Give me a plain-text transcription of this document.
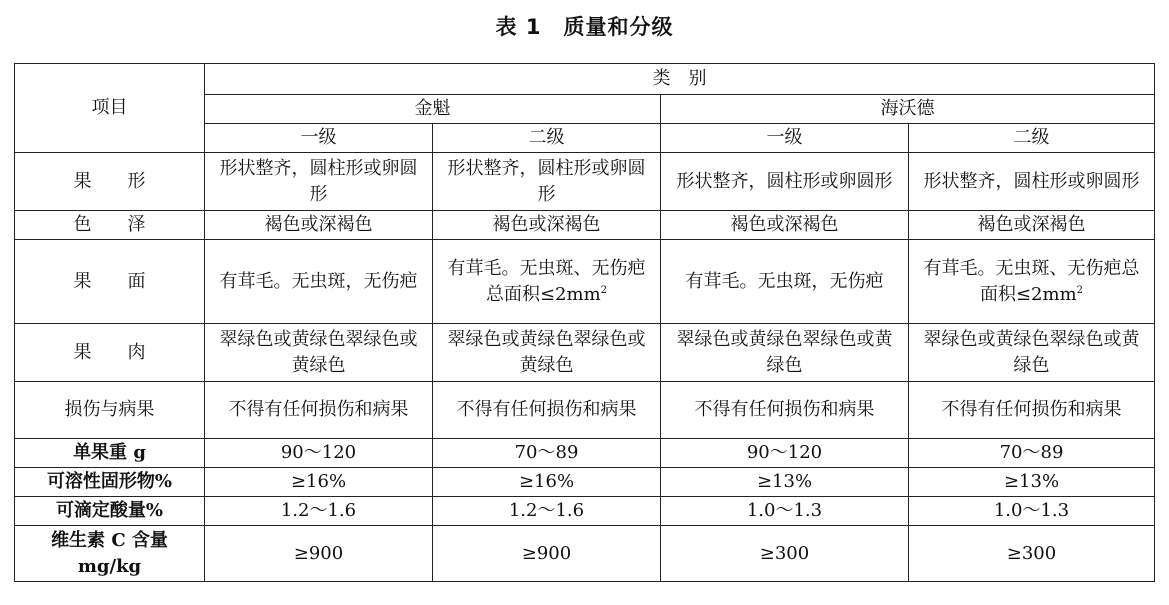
表 1　质量和分级
项目	类　别			
	金魁		海沃德	
	一级	二级	一级	二级
果　　形	形状整齐，圆柱形或卵圆形	形状整齐，圆柱形或卵圆形	形状整齐，圆柱形或卵圆形	形状整齐，圆柱形或卵圆形
色　　泽	褐色或深褐色	褐色或深褐色	褐色或深褐色	褐色或深褐色
果　　面	有茸毛。无虫斑，无伤疤	有茸毛。无虫斑、无伤疤总面积$\le 2mm^2$	有茸毛。无虫斑，无伤疤	有茸毛。无虫斑、无伤疤总面积$\le 2mm^2$
果　　肉	翠绿色或黄绿色翠绿色或黄绿色	翠绿色或黄绿色翠绿色或黄绿色	翠绿色或黄绿色翠绿色或黄绿色	翠绿色或黄绿色翠绿色或黄绿色
损伤与病果	不得有任何损伤和病果	不得有任何损伤和病果	不得有任何损伤和病果	不得有任何损伤和病果
单果重 g	90～120	70～89	90～120	70～89
可溶性固形物%	≥16%	≥16%	≥13%	≥13%
可滴定酸量%	1.2～1.6	1.2～1.6	1.0～1.3	1.0～1.3
维生素 C 含量mg/kg	≥900	≥900	≥300	≥300
